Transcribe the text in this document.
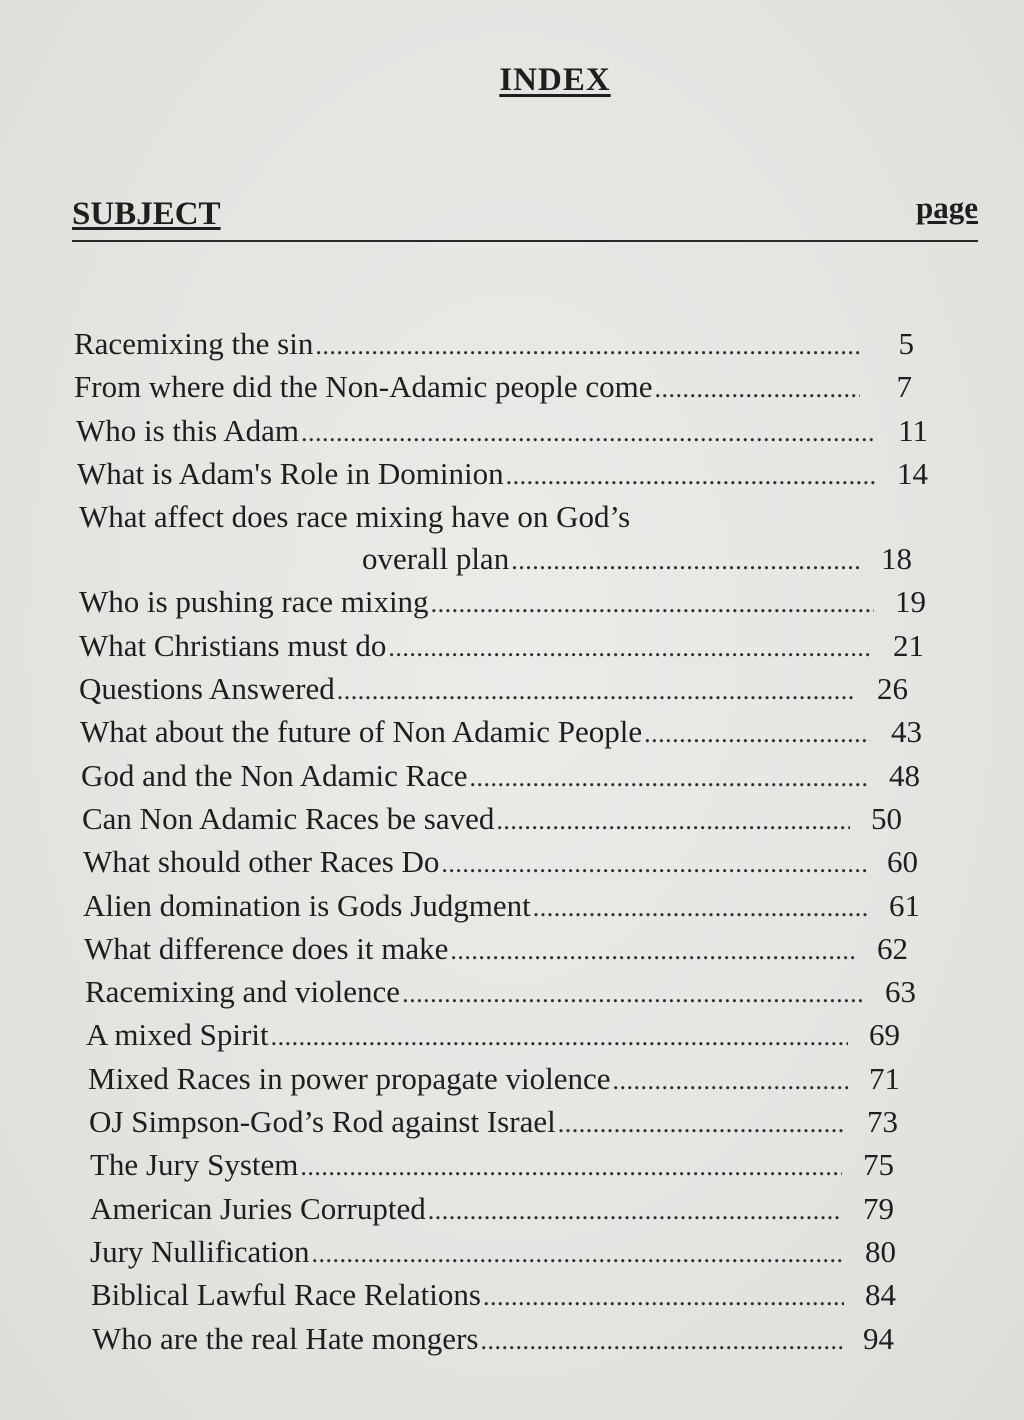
INDEX
SUBJECT	page
Racemixing the sin .....	5
From where did the Non-Adamic people come .....	7
Who is this Adam .....	11
What is Adam's Role in Dominion .....	14
What affect does race mixing have on God’s
overall plan .....	18
Who is pushing race mixing .....	19
What Christians must do .....	21
Questions Answered .....	26
What about the future of Non Adamic People .....	43
God and the Non Adamic Race .....	48
Can Non Adamic Races be saved .....	50
What should other Races Do .....	60
Alien domination is Gods Judgment .....	61
What difference does it make .....	62
Racemixing and violence .....	63
A mixed Spirit .....	69
Mixed Races in power propagate violence .....	71
OJ Simpson-God’s Rod against Israel .....	73
The Jury System .....	75
American Juries Corrupted .....	79
Jury Nullification .....	80
Biblical Lawful Race Relations .....	84
Who are the real Hate mongers .....	94
